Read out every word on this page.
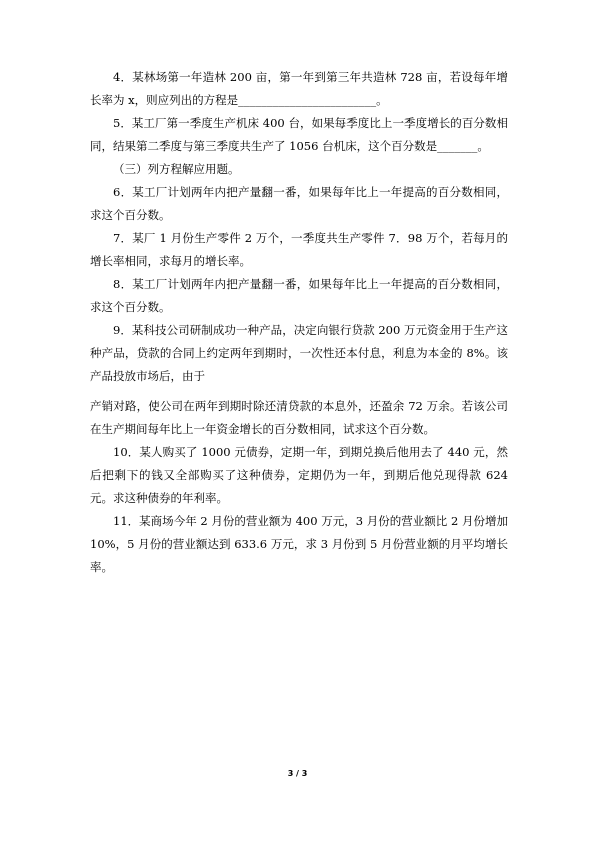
4．某林场第一年造林 200 亩，第一年到第三年共造林 728 亩，若设每年增长率为 x，则应列出的方程是________________________。

5．某工厂第一季度生产机床 400 台，如果每季度比上一季度增长的百分数相同，结果第二季度与第三季度共生产了 1056 台机床，这个百分数是_______。

（三）列方程解应用题。

6．某工厂计划两年内把产量翻一番，如果每年比上一年提高的百分数相同，求这个百分数。

7．某厂 1 月份生产零件 2 万个，一季度共生产零件 7．98 万个，若每月的增长率相同，求每月的增长率。

8．某工厂计划两年内把产量翻一番，如果每年比上一年提高的百分数相同，求这个百分数。

9．某科技公司研制成功一种产品，决定向银行贷款 200 万元资金用于生产这种产品，贷款的合同上约定两年到期时，一次性还本付息，利息为本金的 8%。该产品投放市场后，由于

产销对路，使公司在两年到期时除还清贷款的本息外，还盈余 72 万余。若该公司在生产期间每年比上一年资金增长的百分数相同，试求这个百分数。

10．某人购买了 1000 元债券，定期一年，到期兑换后他用去了 440 元，然后把剩下的钱又全部购买了这种债券，定期仍为一年，到期后他兑现得款 624 元。求这种债券的年利率。

11．某商场今年 2 月份的营业额为 400 万元，3 月份的营业额比 2 月份增加 10%，5 月份的营业额达到 633.6 万元，求 3 月份到 5 月份营业额的月平均增长率。

3 / 3
